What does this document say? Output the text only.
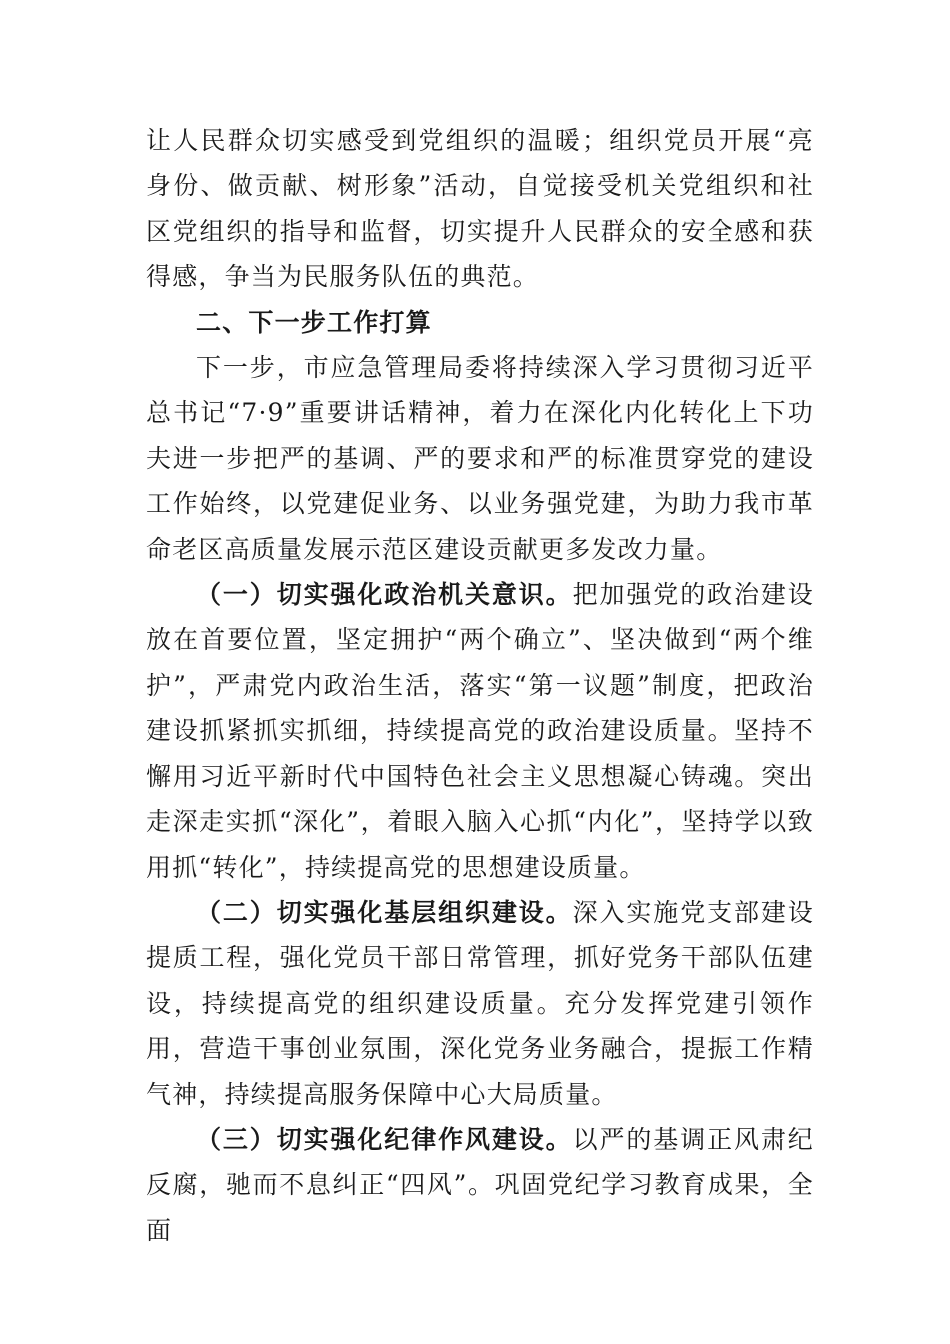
让人民群众切实感受到党组织的温暖；组织党员开展“亮身份、做贡献、树形象”活动，自觉接受机关党组织和社区党组织的指导和监督，切实提升人民群众的安全感和获得感，争当为民服务队伍的典范。

二、下一步工作打算

下一步，市应急管理局委将持续深入学习贯彻习近平总书记“7·9”重要讲话精神，着力在深化内化转化上下功夫进一步把严的基调、严的要求和严的标准贯穿党的建设工作始终，以党建促业务、以业务强党建，为助力我市革命老区高质量发展示范区建设贡献更多发改力量。

（一）切实强化政治机关意识。把加强党的政治建设放在首要位置，坚定拥护“两个确立”、坚决做到“两个维护”，严肃党内政治生活，落实“第一议题”制度，把政治建设抓紧抓实抓细，持续提高党的政治建设质量。坚持不懈用习近平新时代中国特色社会主义思想凝心铸魂。突出走深走实抓“深化”，着眼入脑入心抓“内化”，坚持学以致用抓“转化”，持续提高党的思想建设质量。

（二）切实强化基层组织建设。深入实施党支部建设提质工程，强化党员干部日常管理，抓好党务干部队伍建设，持续提高党的组织建设质量。充分发挥党建引领作用，营造干事创业氛围，深化党务业务融合，提振工作精气神，持续提高服务保障中心大局质量。

（三）切实强化纪律作风建设。以严的基调正风肃纪反腐，驰而不息纠正“四风”。巩固党纪学习教育成果，全面
